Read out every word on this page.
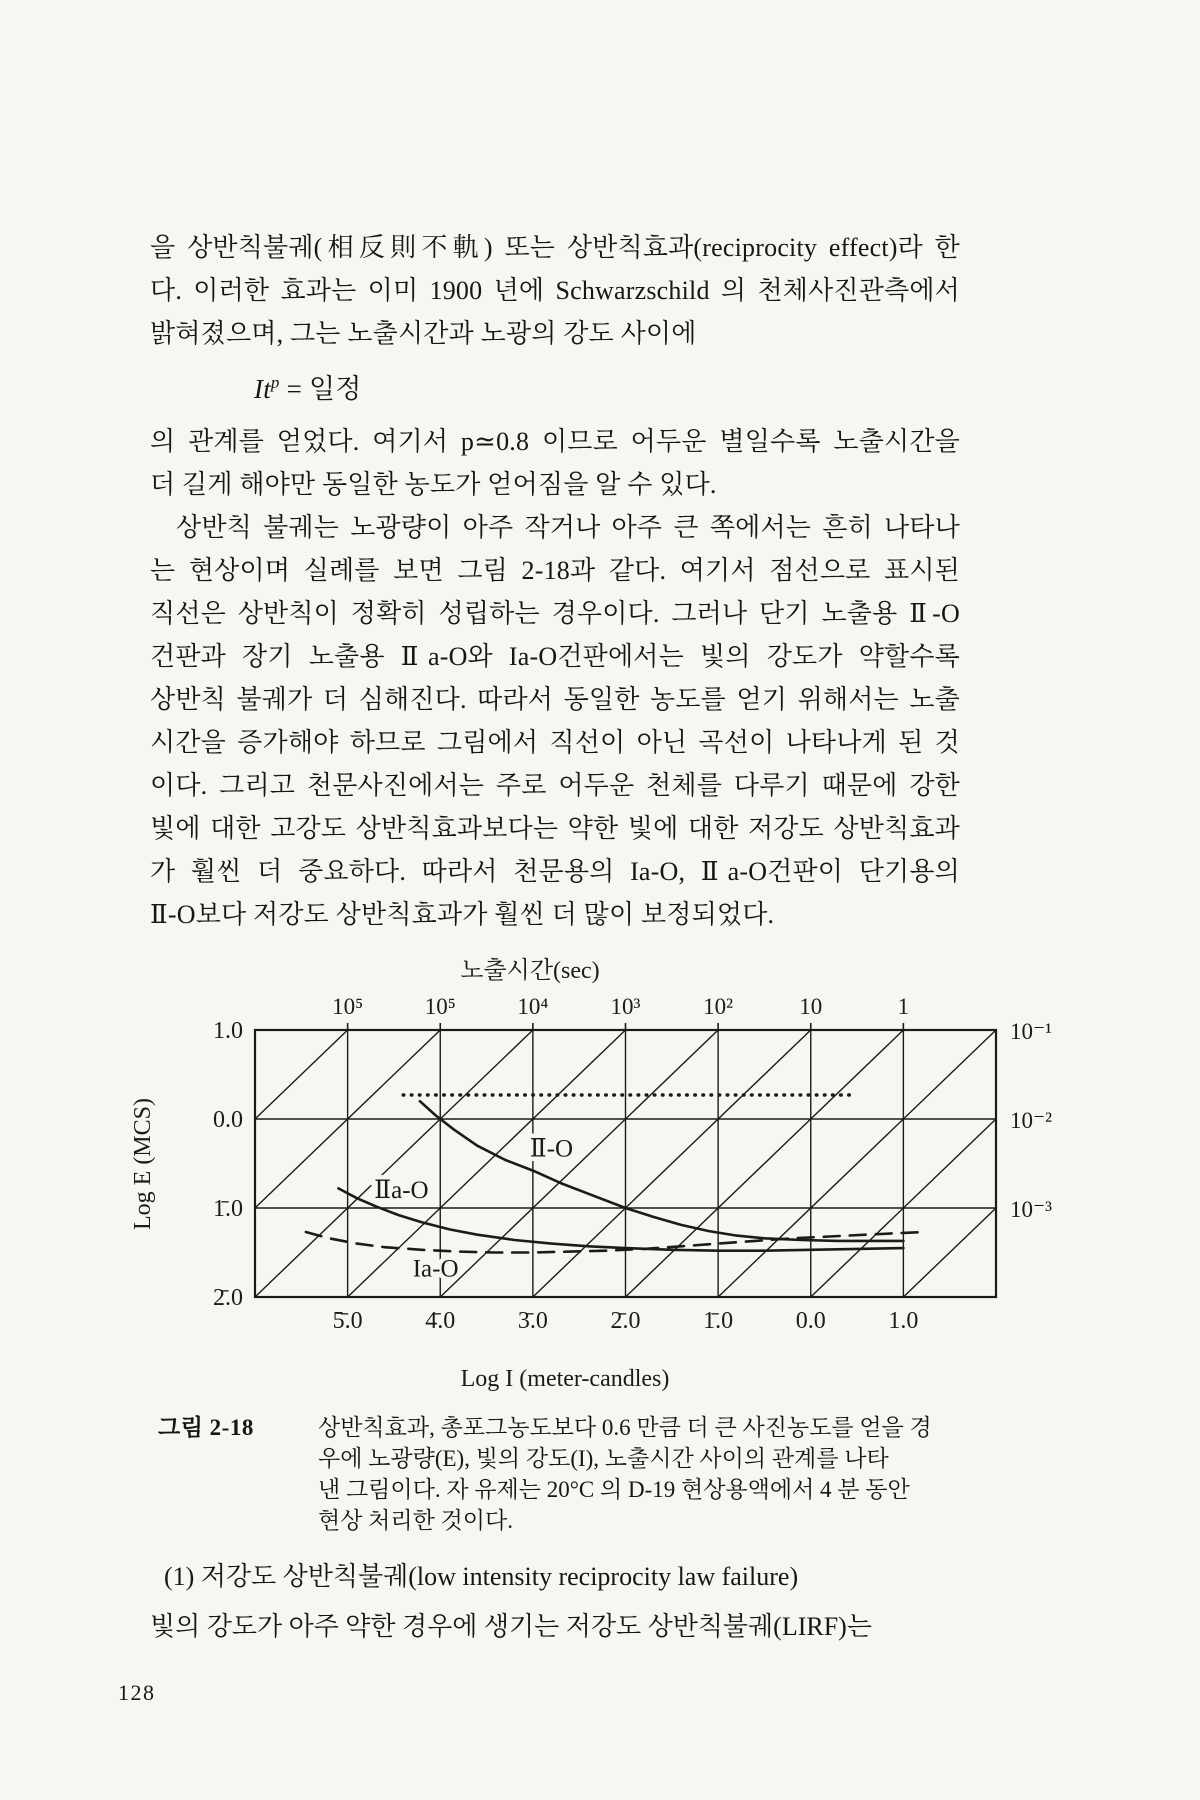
을 상반칙불궤(相反則不軌) 또는 상반칙효과(reciprocity effect)라 한
다. 이러한 효과는 이미 1900 년에 Schwarzschild 의 천체사진관측에서
밝혀졌으며, 그는 노출시간과 노광의 강도 사이에
$It^p$ = 일정
의 관계를 얻었다. 여기서 p≃0.8 이므로 어두운 별일수록 노출시간을
더 길게 해야만 동일한 농도가 얻어짐을 알 수 있다.
상반칙 불궤는 노광량이 아주 작거나 아주 큰 쪽에서는 흔히 나타나
는 현상이며 실례를 보면 그림 2-18과 같다. 여기서 점선으로 표시된
직선은 상반칙이 정확히 성립하는 경우이다. 그러나 단기 노출용 Ⅱ-O
건판과 장기 노출용 Ⅱa-O와 Ia-O건판에서는 빛의 강도가 약할수록
상반칙 불궤가 더 심해진다. 따라서 동일한 농도를 얻기 위해서는 노출
시간을 증가해야 하므로 그림에서 직선이 아닌 곡선이 나타나게 된 것
이다. 그리고 천문사진에서는 주로 어두운 천체를 다루기 때문에 강한
빛에 대한 고강도 상반칙효과보다는 약한 빛에 대한 저강도 상반칙효과
가 훨씬 더 중요하다. 따라서 천문용의 Ia-O, Ⅱa-O건판이 단기용의
Ⅱ-O보다 저강도 상반칙효과가 훨씬 더 많이 보정되었다.
노출시간(sec)
Log I (meter-candles)
Log E (MCS)
10⁵	10⁵	10⁴	10³	10²	10	1
5̄.0	4̄.0	3̄.0	2̄.0	1̄.0	0.0	1.0
1.0
0.0
1̄.0
2̄.0
10⁻¹
10⁻²
10⁻³
Ⅱ-O
Ⅱa-O
Ia-O
그림 2-18	상반칙효과, 총포그농도보다 0.6 만큼 더 큰 사진농도를 얻을 경
우에 노광량(E), 빛의 강도(I), 노출시간 사이의 관계를 나타
낸 그림이다. 자 유제는 20°C 의 D-19 현상용액에서 4 분 동안
현상 처리한 것이다.
(1) 저강도 상반칙불궤(low intensity reciprocity law failure)
빛의 강도가 아주 약한 경우에 생기는 저강도 상반칙불궤(LIRF)는
128
